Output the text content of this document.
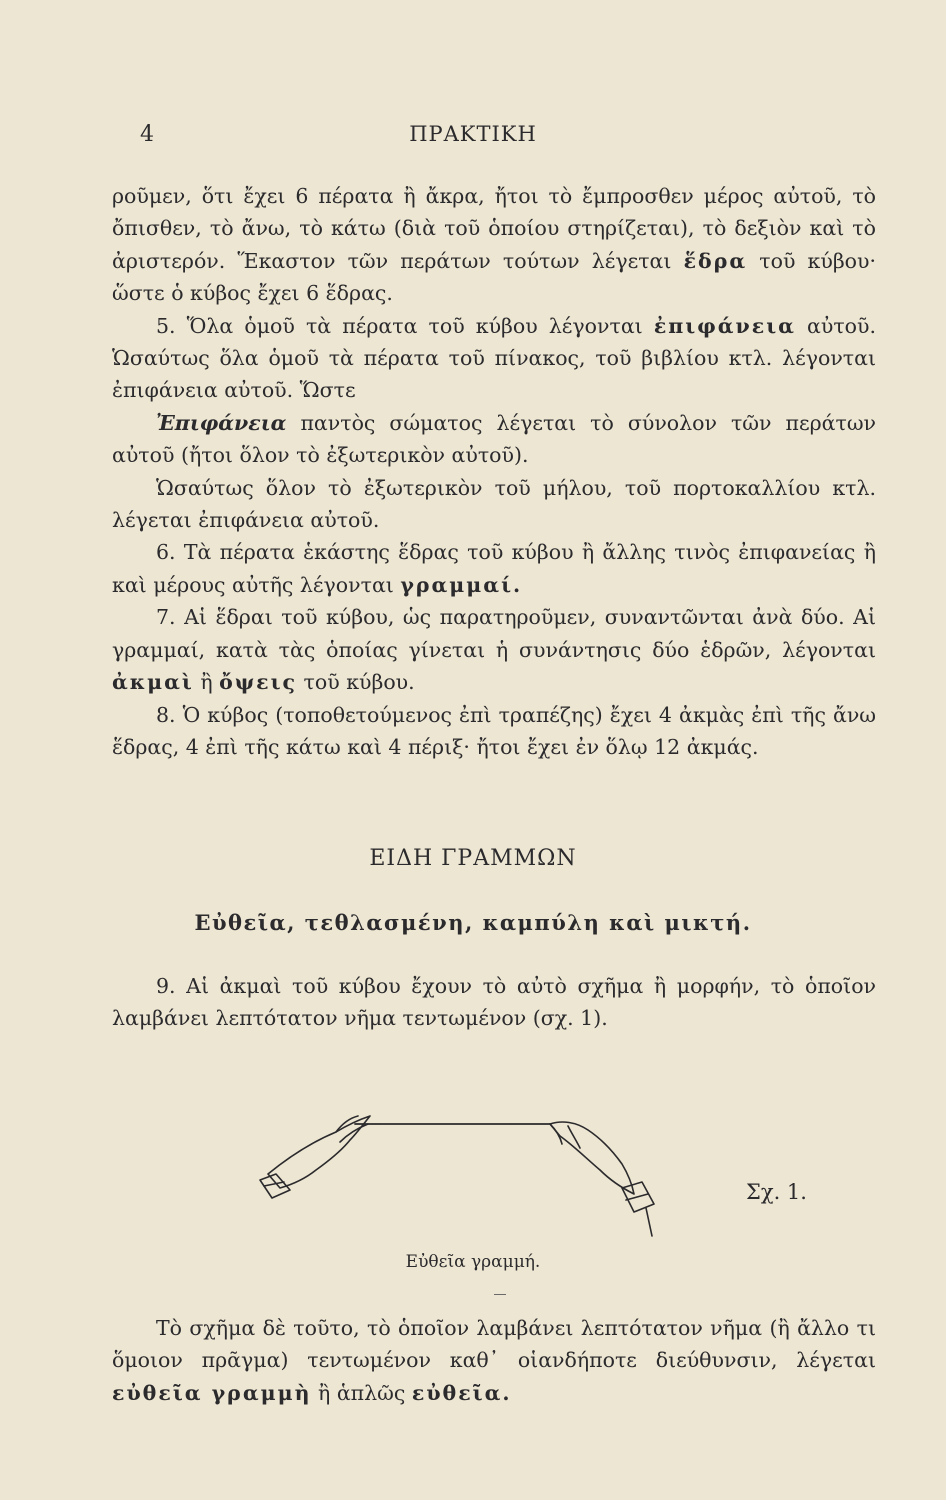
4	ΠΡΑΚΤΙΚΗ

ροῦμεν, ὅτι ἔχει 6 πέρατα ἢ ἄκρα, ἤτοι τὸ ἔμπροσθεν μέρος αὐτοῦ, τὸ ὄπισθεν, τὸ ἄνω, τὸ κάτω (διὰ τοῦ ὁποίου στηρίζεται), τὸ δεξιὸν καὶ τὸ ἀριστερόν. Ἕκαστον τῶν περάτων τούτων λέγεται ἕδρα τοῦ κύβου· ὥστε ὁ κύβος ἔχει 6 ἕδρας.

5. Ὅλα ὁμοῦ τὰ πέρατα τοῦ κύβου λέγονται ἐπιφάνεια αὐτοῦ. Ὡσαύτως ὅλα ὁμοῦ τὰ πέρατα τοῦ πίνακος, τοῦ βιβλίου κτλ. λέγονται ἐπιφάνεια αὐτοῦ. Ὥστε

Ἐπιφάνεια παντὸς σώματος λέγεται τὸ σύνολον τῶν περάτων αὐτοῦ (ἤτοι ὅλον τὸ ἐξωτερικὸν αὐτοῦ).

Ὡσαύτως ὅλον τὸ ἐξωτερικὸν τοῦ μήλου, τοῦ πορτοκαλλίου κτλ. λέγεται ἐπιφάνεια αὐτοῦ.

6. Τὰ πέρατα ἑκάστης ἕδρας τοῦ κύβου ἢ ἄλλης τινὸς ἐπιφανείας ἢ καὶ μέρους αὐτῆς λέγονται γραμμαί.

7. Αἱ ἕδραι τοῦ κύβου, ὡς παρατηροῦμεν, συναντῶνται ἀνὰ δύο. Αἱ γραμμαί, κατὰ τὰς ὁποίας γίνεται ἡ συνάντησις δύο ἑδρῶν, λέγονται ἀκμαὶ ἢ ὄψεις τοῦ κύβου.

8. Ὁ κύβος (τοποθετούμενος ἐπὶ τραπέζης) ἔχει 4 ἀκμὰς ἐπὶ τῆς ἄνω ἕδρας, 4 ἐπὶ τῆς κάτω καὶ 4 πέριξ· ἤτοι ἔχει ἐν ὅλῳ 12 ἀκμάς.

ΕΙΔΗ ΓΡΑΜΜΩΝ
Εὐθεῖα, τεθλασμένη, καμπύλη καὶ μικτή.

9. Αἱ ἀκμαὶ τοῦ κύβου ἔχουν τὸ αὐτὸ σχῆμα ἢ μορφήν, τὸ ὁποῖον λαμβάνει λεπτότατον νῆμα τεντωμένον (σχ. 1).

Σχ. 1.
Εὐθεῖα γραμμή.

Τὸ σχῆμα δὲ τοῦτο, τὸ ὁποῖον λαμβάνει λεπτότατον νῆμα (ἢ ἄλλο τι ὅμοιον πρᾶγμα) τεντωμένον καθ᾽ οἱανδήποτε διεύθυνσιν, λέγεται εὐθεῖα γραμμὴ ἢ ἁπλῶς εὐθεῖα.
